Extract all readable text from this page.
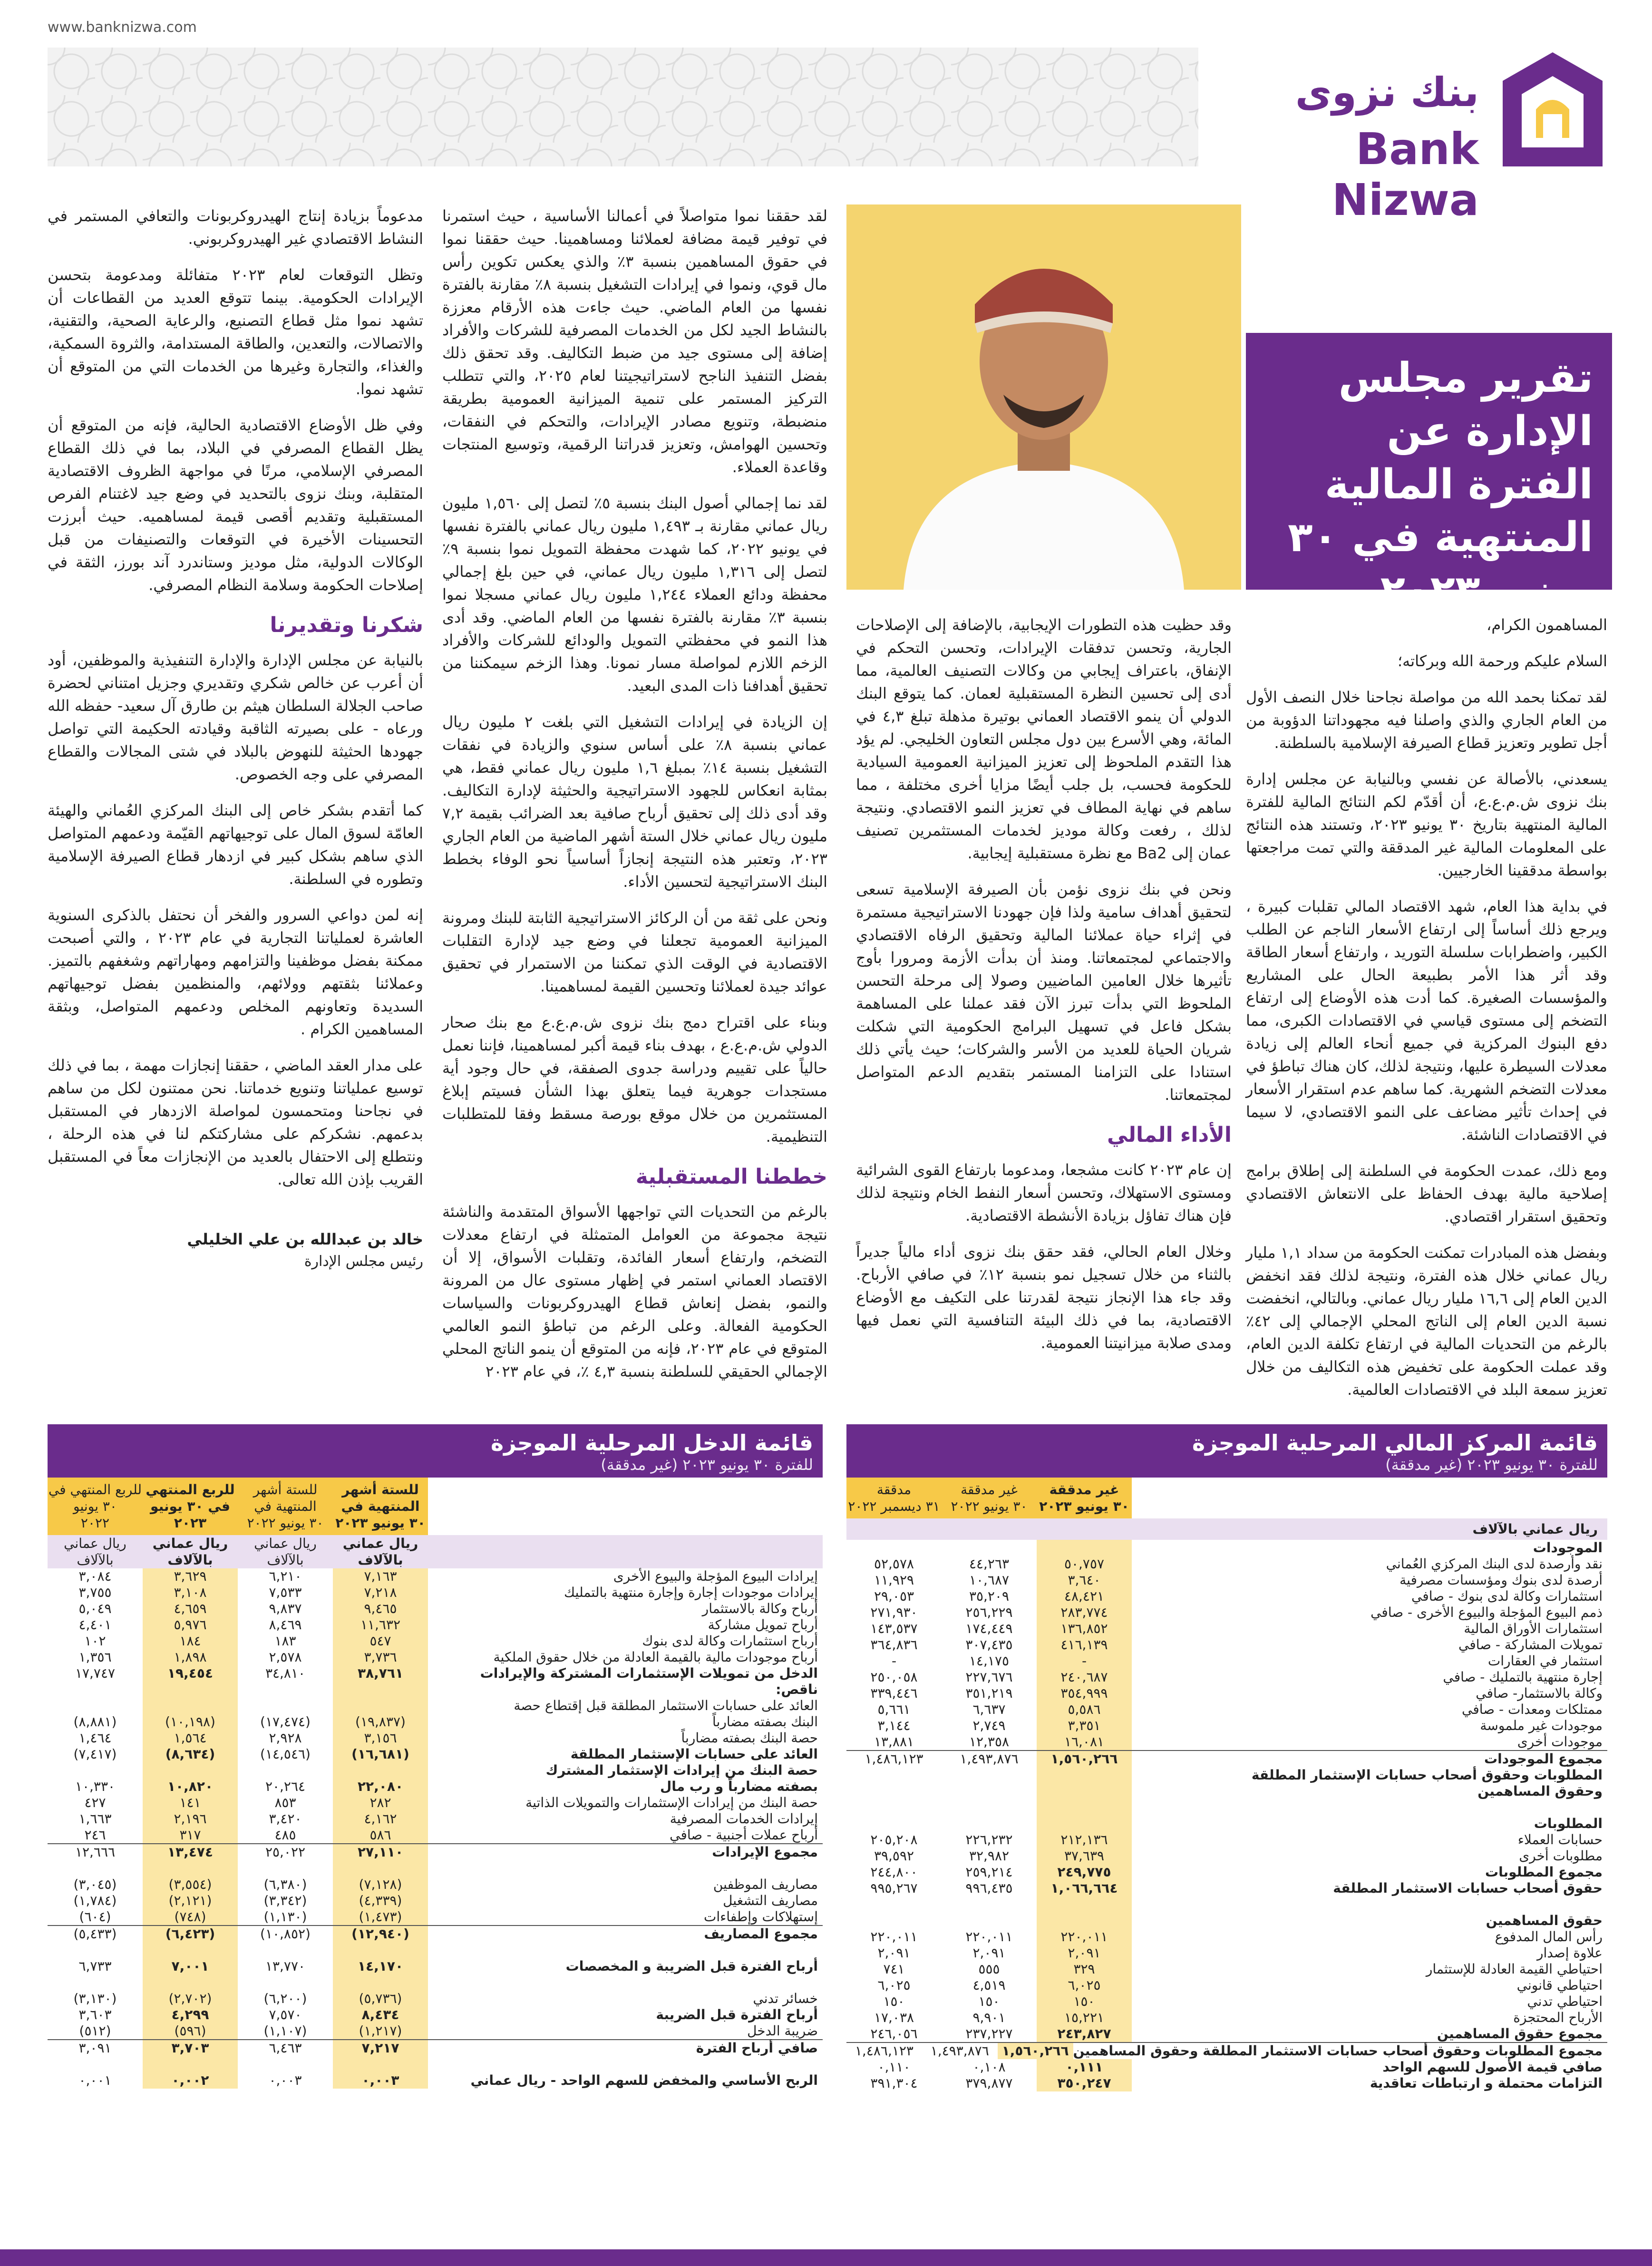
www.banknizwa.com
بنك نزوى
Bank Nizwa
تقرير مجلس الإدارة عن الفترة المالية المنتهية في ٣٠ يونيو ٢٠٢٣

المساهمون الكرام،

السلام عليكم ورحمة الله وبركاته؛

لقد تمكنا بحمد الله من مواصلة نجاحنا خلال النصف الأول من العام الجاري والذي واصلنا فيه مجهوداتنا الدؤوبة من أجل تطوير وتعزيز قطاع الصيرفة الإسلامية بالسلطنة.

يسعدني، بالأصالة عن نفسي وبالنيابة عن مجلس إدارة بنك نزوى ش.م.ع.ع، أن أقدّم لكم النتائج المالية للفترة المالية المنتهية بتاريخ ٣٠ يونيو ٢٠٢٣، وتستند هذه النتائج على المعلومات المالية غير المدققة والتي تمت مراجعتها بواسطة مدققينا الخارجيين.

في بداية هذا العام، شهد الاقتصاد المالي تقلبات كبيرة ، ويرجع ذلك أساساً إلى ارتفاع الأسعار الناجم عن الطلب الكبير، واضطرابات سلسلة التوريد ، وارتفاع أسعار الطاقة وقد أثر هذا الأمر بطبيعة الحال على المشاريع والمؤسسات الصغيرة. كما أدت هذه الأوضاع إلى ارتفاع التضخم إلى مستوى قياسي في الاقتصادات الكبرى، مما دفع البنوك المركزية في جميع أنحاء العالم إلى زيادة معدلات السيطرة عليها، ونتيجة لذلك، كان هناك تباطؤ في معدلات التضخم الشهرية. كما ساهم عدم استقرار الأسعار في إحداث تأثير مضاعف على النمو الاقتصادي، لا سيما في الاقتصادات الناشئة.

ومع ذلك، عمدت الحكومة في السلطنة إلى إطلاق برامج إصلاحية مالية بهدف الحفاظ على الانتعاش الاقتصادي وتحقيق استقرار اقتصادي.

وبفضل هذه المبادرات تمكنت الحكومة من سداد ١,١ مليار ريال عماني خلال هذه الفترة، ونتيجة لذلك فقد انخفض الدين العام إلى ١٦,٦ مليار ريال عماني. وبالتالي، انخفضت نسبة الدين العام إلى الناتج المحلي الإجمالي إلى ٤٢٪ بالرغم من التحديات المالية في ارتفاع تكلفة الدين العام، وقد عملت الحكومة على تخفيض هذه التكاليف من خلال تعزيز سمعة البلد في الاقتصادات العالمية.

وقد حظيت هذه التطورات الإيجابية، بالإضافة إلى الإصلاحات الجارية، وتحسن تدفقات الإيرادات، وتحسن التحكم في الإنفاق، باعتراف إيجابي من وكالات التصنيف العالمية، مما أدى إلى تحسين النظرة المستقبلية لعمان. كما يتوقع البنك الدولي أن ينمو الاقتصاد العماني بوتيرة مذهلة تبلغ ٤,٣ في المائة، وهي الأسرع بين دول مجلس التعاون الخليجي. لم يؤد هذا التقدم الملحوظ إلى تعزيز الميزانية العمومية السيادية للحكومة فحسب، بل جلب أيضًا مزايا أخرى مختلفة ، مما ساهم في نهاية المطاف في تعزيز النمو الاقتصادي. ونتيجة لذلك ، رفعت وكالة موديز لخدمات المستثمرين تصنيف عمان إلى Ba2 مع نظرة مستقبلية إيجابية.

ونحن في بنك نزوى نؤمن بأن الصيرفة الإسلامية تسعى لتحقيق أهداف سامية ولذا فإن جهودنا الاستراتيجية مستمرة في إثراء حياة عملائنا المالية وتحقيق الرفاه الاقتصادي والاجتماعي لمجتمعاتنا. ومنذ أن بدأت الأزمة ومرورا بأوج تأثيرها خلال العامين الماضيين وصولا إلى مرحلة التحسن الملحوظ التي بدأت تبرز الآن فقد عملنا على المساهمة بشكل فاعل في تسهيل البرامج الحكومية التي شكلت شريان الحياة للعديد من الأسر والشركات؛ حيث يأتي ذلك استنادا على التزامنا المستمر بتقديم الدعم المتواصل لمجتمعاتنا.

الأداء المالي

إن عام ٢٠٢٣ كانت مشجعا، ومدعوما بارتفاع القوى الشرائية ومستوى الاستهلاك، وتحسن أسعار النفط الخام ونتيجة لذلك فإن هناك تفاؤل بزيادة الأنشطة الاقتصادية.

وخلال العام الحالي، فقد حقق بنك نزوى أداء مالياً جديراً بالثناء من خلال تسجيل نمو بنسبة ١٢٪ في صافي الأرباح. وقد جاء هذا الإنجاز نتيجة لقدرتنا على التكيف مع الأوضاع الاقتصادية، بما في ذلك البيئة التنافسية التي نعمل فيها ومدى صلابة ميزانيتنا العمومية.

لقد حققنا نموا متواصلاً في أعمالنا الأساسية ، حيث استمرنا في توفير قيمة مضافة لعملائنا ومساهمينا. حيث حققنا نموا في حقوق المساهمين بنسبة ٣٪ والذي يعكس تكوين رأس مال قوي، ونموا في إيرادات التشغيل بنسبة ٨٪ مقارنة بالفترة نفسها من العام الماضي. حيث جاءت هذه الأرقام معززة بالنشاط الجيد لكل من الخدمات المصرفية للشركات والأفراد إضافة إلى مستوى جيد من ضبط التكاليف. وقد تحقق ذلك بفضل التنفيذ الناجح لاستراتيجيتنا لعام ٢٠٢٥، والتي تتطلب التركيز المستمر على تنمية الميزانية العمومية بطريقة منضبطة، وتنويع مصادر الإيرادات، والتحكم في النفقات، وتحسين الهوامش، وتعزيز قدراتنا الرقمية، وتوسيع المنتجات وقاعدة العملاء.

لقد نما إجمالي أصول البنك بنسبة ٥٪ لتصل إلى ١,٥٦٠ مليون ريال عماني مقارنة بـ ١,٤٩٣ مليون ريال عماني بالفترة نفسها في يونيو ٢٠٢٢، كما شهدت محفظة التمويل نموا بنسبة ٩٪ لتصل إلى ١,٣١٦ مليون ريال عماني، في حين بلغ إجمالي محفظة ودائع العملاء ١,٢٤٤ مليون ريال عماني مسجلا نموا بنسبة ٣٪ مقارنة بالفترة نفسها من العام الماضي. وقد أدى هذا النمو في محفظتي التمويل والودائع للشركات والأفراد الزخم اللازم لمواصلة مسار نمونا. وهذا الزخم سيمكننا من تحقيق أهدافنا ذات المدى البعيد.

إن الزيادة في إيرادات التشغيل التي بلغت ٢ مليون ريال عماني بنسبة ٨٪ على أساس سنوي والزيادة في نفقات التشغيل بنسبة ١٤٪ بمبلغ ١,٦ مليون ريال عماني فقط، هي بمثابة انعكاس للجهود الاستراتيجية والحثيثة لإدارة التكاليف. وقد أدى ذلك إلى تحقيق أرباح صافية بعد الضرائب بقيمة ٧,٢ مليون ريال عماني خلال الستة أشهر الماضية من العام الجاري ٢٠٢٣، وتعتبر هذه النتيجة إنجازاً أساسياً نحو الوفاء بخطط البنك الاستراتيجية لتحسين الأداء.

ونحن على ثقة من أن الركائز الاستراتيجية الثابتة للبنك ومرونة الميزانية العمومية تجعلنا في وضع جيد لإدارة التقلبات الاقتصادية في الوقت الذي تمكننا من الاستمرار في تحقيق عوائد جيدة لعملائنا وتحسين القيمة لمساهمينا.

وبناء على اقتراح دمج بنك نزوى ش.م.ع.ع مع بنك صحار الدولي ش.م.ع.ع ، بهدف بناء قيمة أكبر لمساهمينا، فإننا نعمل حالياً على تقييم ودراسة جدوى الصفقة، في حال وجود أية مستجدات جوهرية فيما يتعلق بهذا الشأن فسيتم إبلاغ المستثمرين من خلال موقع بورصة مسقط وفقا للمتطلبات التنظيمية.

خططنا المستقبلية

بالرغم من التحديات التي تواجهها الأسواق المتقدمة والناشئة نتيجة مجموعة من العوامل المتمثلة في ارتفاع معدلات التضخم، وارتفاع أسعار الفائدة، وتقلبات الأسواق، إلا أن الاقتصاد العماني استمر في إظهار مستوى عال من المرونة والنمو، بفضل إنعاش قطاع الهيدروكربونات والسياسات الحكومية الفعالة. وعلى الرغم من تباطؤ النمو العالمي المتوقع في عام ٢٠٢٣، فإنه من المتوقع أن ينمو الناتج المحلي الإجمالي الحقيقي للسلطنة بنسبة ٤,٣ ٪، في عام ٢٠٢٣

مدعوماً بزيادة إنتاج الهيدروكربونات والتعافي المستمر في النشاط الاقتصادي غير الهيدروكربوني.

وتظل التوقعات لعام ٢٠٢٣ متفائلة ومدعومة بتحسن الإيرادات الحكومية. بينما تتوقع العديد من القطاعات أن تشهد نموا مثل قطاع التصنيع، والرعاية الصحية، والتقنية، والاتصالات، والتعدين، والطاقة المستدامة، والثروة السمكية، والغذاء، والتجارة وغيرها من الخدمات التي من المتوقع أن تشهد نموا.

وفي ظل الأوضاع الاقتصادية الحالية، فإنه من المتوقع أن يظل القطاع المصرفي في البلاد، بما في ذلك القطاع المصرفي الإسلامي، مرنًا في مواجهة الظروف الاقتصادية المتقلبة، وبنك نزوى بالتحديد في وضع جيد لاغتنام الفرص المستقبلية وتقديم أقصى قيمة لمساهميه. حيث أبرزت التحسينات الأخيرة في التوقعات والتصنيفات من قبل الوكالات الدولية، مثل موديز وستاندرد آند بورز، الثقة في إصلاحات الحكومة وسلامة النظام المصرفي.

شكرنا وتقديرنا

بالنيابة عن مجلس الإدارة والإدارة التنفيذية والموظفين، أود أن أعرب عن خالص شكري وتقديري وجزيل امتناني لحضرة صاحب الجلالة السلطان هيثم بن طارق آل سعيد- حفظه الله ورعاه - على بصيرته الثاقبة وقيادته الحكيمة التي تواصل جهودها الحثيثة للنهوض بالبلاد في شتى المجالات والقطاع المصرفي على وجه الخصوص.

كما أتقدم بشكر خاص إلى البنك المركزي العُماني والهيئة العامّة لسوق المال على توجيهاتهم القيّمة ودعمهم المتواصل الذي ساهم بشكل كبير في ازدهار قطاع الصيرفة الإسلامية وتطوره في السلطنة.

إنه لمن دواعي السرور والفخر أن نحتفل بالذكرى السنوية العاشرة لعملياتنا التجارية في عام ٢٠٢٣ ، والتي أصبحت ممكنة بفضل موظفينا والتزامهم ومهاراتهم وشغفهم بالتميز. وعملائنا بثقتهم وولائهم، والمنظمين بفضل توجيهاتهم السديدة وتعاونهم المخلص ودعمهم المتواصل، وبثقة المساهمين الكرام .

على مدار العقد الماضي ، حققنا إنجازات مهمة ، بما في ذلك توسيع عملياتنا وتنويع خدماتنا. نحن ممتنون لكل من ساهم في نجاحنا ومتحمسون لمواصلة الازدهار في المستقبل بدعمهم. نشكركم على مشاركتكم لنا في هذه الرحلة ، ونتطلع إلى الاحتفال بالعديد من الإنجازات معاً في المستقبل القريب بإذن الله تعالى.

خالد بن عبدالله بن علي الخليلي
رئيس مجلس الإدارة
قائمة المركز المالي المرحلية الموجزة
للفترة ٣٠ يونيو ٢٠٢٣ (غير مدققة)
غير مدققة
٣٠ يونيو ٢٠٢٣
غير مدققة
٣٠ يونيو ٢٠٢٢
مدققة
٣١ ديسمبر ٢٠٢٢
ريال عماني بالآلاف
الموجودات
نقد وأرصدة لدى البنك المركزي العُماني
٥٠,٧٥٧
٤٤,٢٦٣
٥٢,٥٧٨
أرصدة لدى بنوك ومؤسسات مصرفية
٣,٦٤٠
١٠,٦٨٧
١١,٩٢٩
استثمارات وكالة لدى بنوك - صافي
٤٨,٤٢١
٣٥,٢٠٩
٢٩,٠٥٣
ذمم البيوع المؤجلة والبيوع الأخرى - صافي
٢٨٣,٧٧٤
٢٥٦,٢٢٩
٢٧١,٩٣٠
استثمارات الأوراق المالية
١٣٦,٨٥٢
١٧٤,٤٤٩
١٤٣,٥٣٧
تمويلات المشاركة - صافي
٤١٦,١٣٩
٣٠٧,٤٣٥
٣٦٤,٨٣٦
استثمار في العقارات
-
١٤,١٧٥
-
إجارة منتهية بالتمليك - صافي
٢٤٠,٦٨٧
٢٢٧,٦٧٦
٢٥٠,٠٥٨
وكالة بالاستثمار- صافي
٣٥٤,٩٩٩
٣٥١,٢١٩
٣٣٩,٤٤٦
ممتلكات ومعدات - صافي
٥,٥٨٦
٦,٦٣٧
٥,٦٦١
موجودات غير ملموسة
٣,٣٥١
٢,٧٤٩
٣,١٤٤
موجودات أخرى
١٦,٠٨١
١٢,٣٥٨
١٣,٨٨١
مجموع الموجودات
١,٥٦٠,٢٦٦
١,٤٩٣,٨٧٦
١,٤٨٦,١٢٣
المطلوبات وحقوق أصحاب حسابات الإستثمار المطلقة
وحقوق المساهمين
المطلوبات
حسابات العملاء
٢١٢,١٣٦
٢٢٦,٢٣٢
٢٠٥,٢٠٨
مطلوبات أخرى
٣٧,٦٣٩
٣٢,٩٨٢
٣٩,٥٩٢
مجموع المطلوبات
٢٤٩,٧٧٥
٢٥٩,٢١٤
٢٤٤,٨٠٠
حقوق أصحاب حسابات الاستثمار المطلقة
١,٠٦٦,٦٦٤
٩٩٦,٤٣٥
٩٩٥,٢٦٧
حقوق المساهمين
رأس المال المدفوع
٢٢٠,٠١١
٢٢٠,٠١١
٢٢٠,٠١١
علاوة إصدار
٢,٠٩١
٢,٠٩١
٢,٠٩١
احتياطي القيمة العادلة للإستثمار
٣٢٩
٥٥٥
٧٤١
احتياطي قانوني
٦,٠٢٥
٤,٥١٩
٦,٠٢٥
احتياطي تدني
١٥٠
١٥٠
١٥٠
الأرباح المحتجزة
١٥,٢٢١
٩,٩٠١
١٧,٠٣٨
مجموع حقوق المساهمين
٢٤٣,٨٢٧
٢٣٧,٢٢٧
٢٤٦,٠٥٦
مجموع المطلوبات وحقوق أصحاب حسابات الاستثمار المطلقة وحقوق المساهمين
١,٥٦٠,٢٦٦
١,٤٩٣,٨٧٦
١,٤٨٦,١٢٣
صافي قيمة الأصول للسهم الواحد
٠,١١١
٠,١٠٨
٠,١١٠
التزامات محتملة و ارتباطات تعاقدية
٣٥٠,٢٤٧
٣٧٩,٨٧٧
٣٩١,٣٠٤
قائمة الدخل المرحلية الموجزة
للفترة ٣٠ يونيو ٢٠٢٣ (غير مدققة)
للستة أشهر
المنتهية في
٣٠ يونيو ٢٠٢٣
للستة أشهر
المنتهية في
٣٠ يونيو ٢٠٢٢
للربع المنتهي
في ٣٠ يونيو
٢٠٢٣
للربع المنتهي في
٣٠ يونيو
٢٠٢٢
ريال عماني
بالآلاف
ريال عماني
بالآلاف
ريال عماني
بالآلاف
ريال عماني
بالآلاف
إيرادات البيوع المؤجلة والبيوع الأخرى
٧,١٦٣
٦,٢١٠
٣,٦٢٩
٣,٠٨٤
إيرادات موجودات إجارة وإجارة منتهية بالتمليك
٧,٢١٨
٧,٥٣٣
٣,١٠٨
٣,٧٥٥
أرباح وكالة بالاستثمار
٩,٤٦٥
٩,٨٣٧
٤,٦٥٩
٥,٠٤٩
أرباح تمويل مشاركة
١١,٦٣٢
٨,٤٦٩
٥,٩٧٦
٤,٤٠١
أرباح استثمارات وكالة لدى بنوك
٥٤٧
١٨٣
١٨٤
١٠٢
أرباح موجودات مالية بالقيمة العادلة من خلال حقوق الملكية
٣,٧٣٦
٢,٥٧٨
١,٨٩٨
١,٣٥٦
الدخل من تمويلات الإستثمارات المشتركة والإيرادات
٣٨,٧٦١
٣٤,٨١٠
١٩,٤٥٤
١٧,٧٤٧
ناقص:
العائد على حسابات الاستثمار المطلقة قبل إقتطاع حصة
البنك بصفته مضارباً
(١٩,٨٣٧)
(١٧,٤٧٤)
(١٠,١٩٨)
(٨,٨٨١)
حصة البنك بصفته مضارباً
٣,١٥٦
٢,٩٢٨
١,٥٦٤
١,٤٦٤
العائد على حسابات الإستثمار المطلقة
(١٦,٦٨١)
(١٤,٥٤٦)
(٨,٦٣٤)
(٧,٤١٧)
حصة البنك من إيرادات الإستثمار المشترك
بصفته مضارباً و رب مال
٢٢,٠٨٠
٢٠,٢٦٤
١٠,٨٢٠
١٠,٣٣٠
حصة البنك من إيرادات الإستثمارات والتمويلات الذاتية
٢٨٢
٨٥٣
١٤١
٤٢٧
إيرادات الخدمات المصرفية
٤,١٦٢
٣,٤٢٠
٢,١٩٦
١,٦٦٣
أرباح عملات أجنبية - صافي
٥٨٦
٤٨٥
٣١٧
٢٤٦
مجموع الإيرادات
٢٧,١١٠
٢٥,٠٢٢
١٣,٤٧٤
١٢,٦٦٦
مصاريف الموظفين
(٧,١٢٨)
(٦,٣٨٠)
(٣,٥٥٤)
(٣,٠٤٥)
مصاريف التشغيل
(٤,٣٣٩)
(٣,٣٤٢)
(٢,١٢١)
(١,٧٨٤)
إستهلاكات وإطفاءات
(١,٤٧٣)
(١,١٣٠)
(٧٤٨)
(٦٠٤)
مجموع المصاريف
(١٢,٩٤٠)
(١٠,٨٥٢)
(٦,٤٢٣)
(٥,٤٣٣)
أرباح الفترة قبل الضريبة و المخصصات
١٤,١٧٠
١٣,٧٧٠
٧,٠٠١
٦,٧٣٣
خسائر تدني
(٥,٧٣٦)
(٦,٢٠٠)
(٢,٧٠٢)
(٣,١٣٠)
أرباح الفترة قبل الضريبة
٨,٤٣٤
٧,٥٧٠
٤,٢٩٩
٣,٦٠٣
ضريبة الدخل
(١,٢١٧)
(١,١٠٧)
(٥٩٦)
(٥١٢)
صافي أرباح الفترة
٧,٢١٧
٦,٤٦٣
٣,٧٠٣
٣,٠٩١
الربح الأساسي والمخفض للسهم الواحد - ريال عماني
٠,٠٠٣
٠,٠٠٣
٠,٠٠٢
٠,٠٠١
